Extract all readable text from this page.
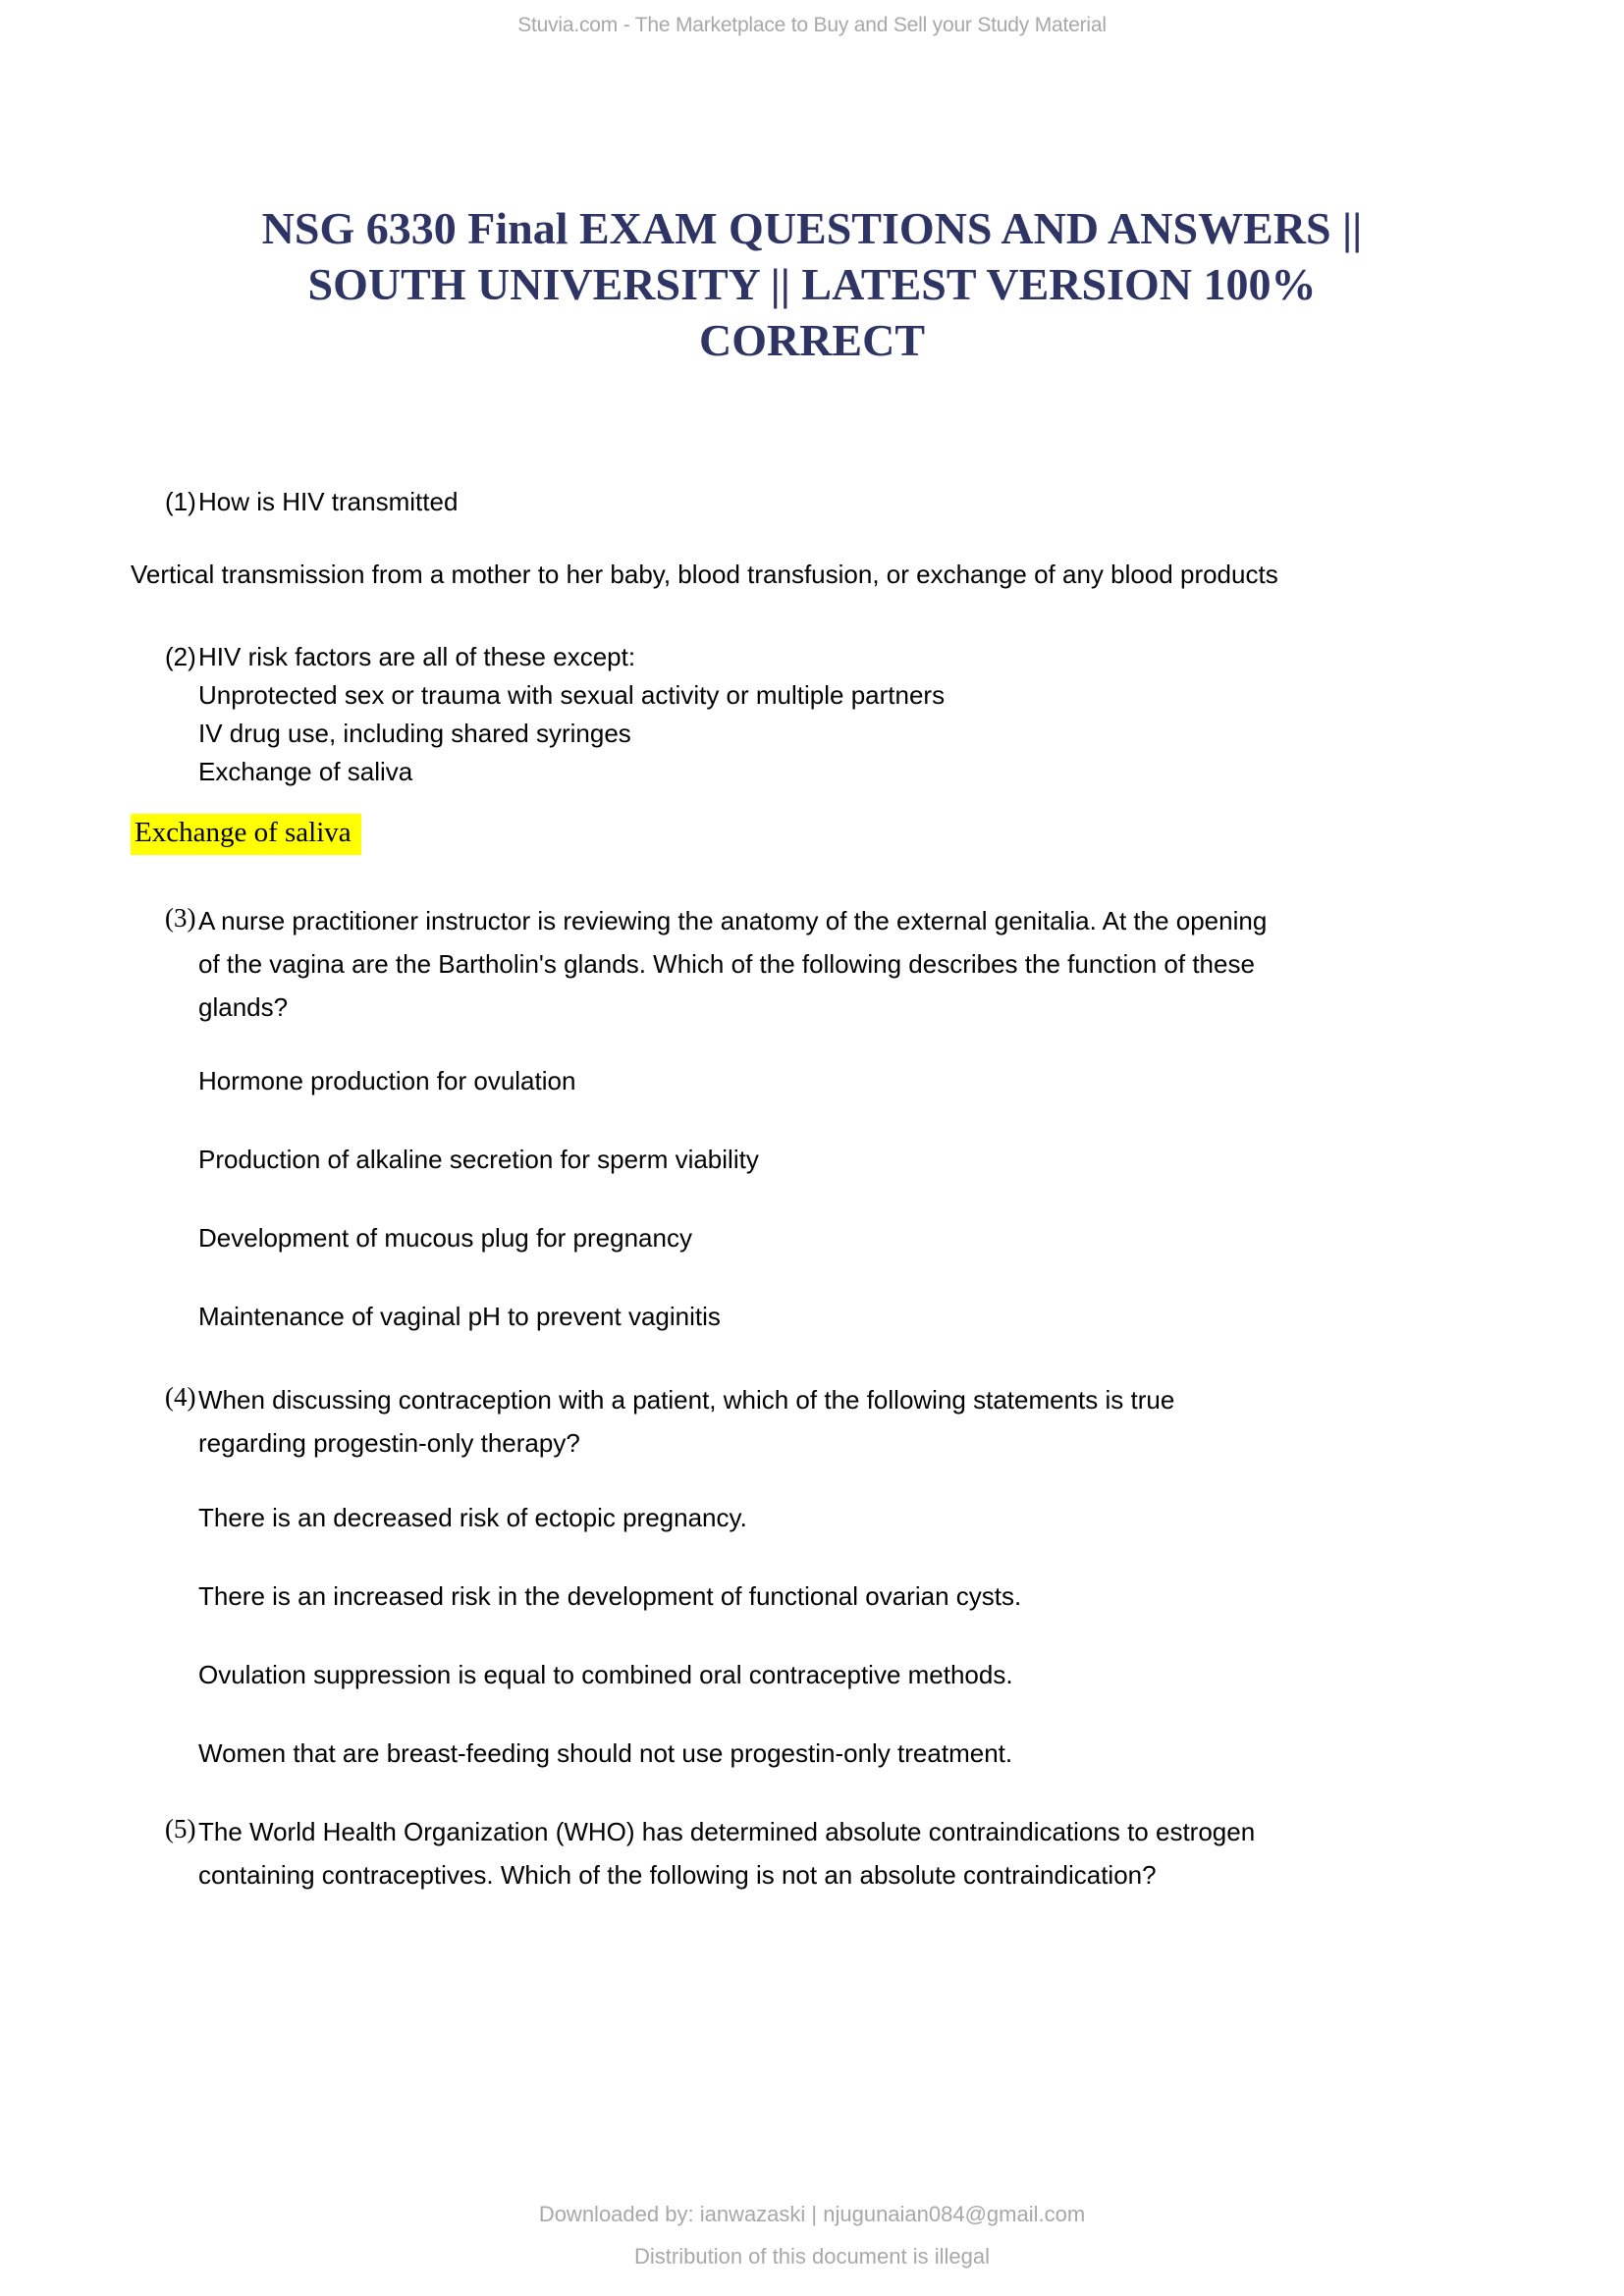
Stuvia.com - The Marketplace to Buy and Sell your Study Material
NSG 6330 Final EXAM QUESTIONS AND ANSWERS ||
SOUTH UNIVERSITY || LATEST VERSION 100%
CORRECT
(1) How is HIV transmitted
Vertical transmission from a mother to her baby, blood transfusion, or exchange of any blood products
(2) HIV risk factors are all of these except:
Unprotected sex or trauma with sexual activity or multiple partners
IV drug use, including shared syringes
Exchange of saliva
Exchange of saliva
(3) A nurse practitioner instructor is reviewing the anatomy of the external genitalia. At the opening
of the vagina are the Bartholin's glands. Which of the following describes the function of these
glands?
Hormone production for ovulation
Production of alkaline secretion for sperm viability
Development of mucous plug for pregnancy
Maintenance of vaginal pH to prevent vaginitis
(4) When discussing contraception with a patient, which of the following statements is true
regarding progestin-only therapy?
There is an decreased risk of ectopic pregnancy.
There is an increased risk in the development of functional ovarian cysts.
Ovulation suppression is equal to combined oral contraceptive methods.
Women that are breast-feeding should not use progestin-only treatment.
(5) The World Health Organization (WHO) has determined absolute contraindications to estrogen
containing contraceptives. Which of the following is not an absolute contraindication?
Downloaded by: ianwazaski | njugunaian084@gmail.com
Distribution of this document is illegal
